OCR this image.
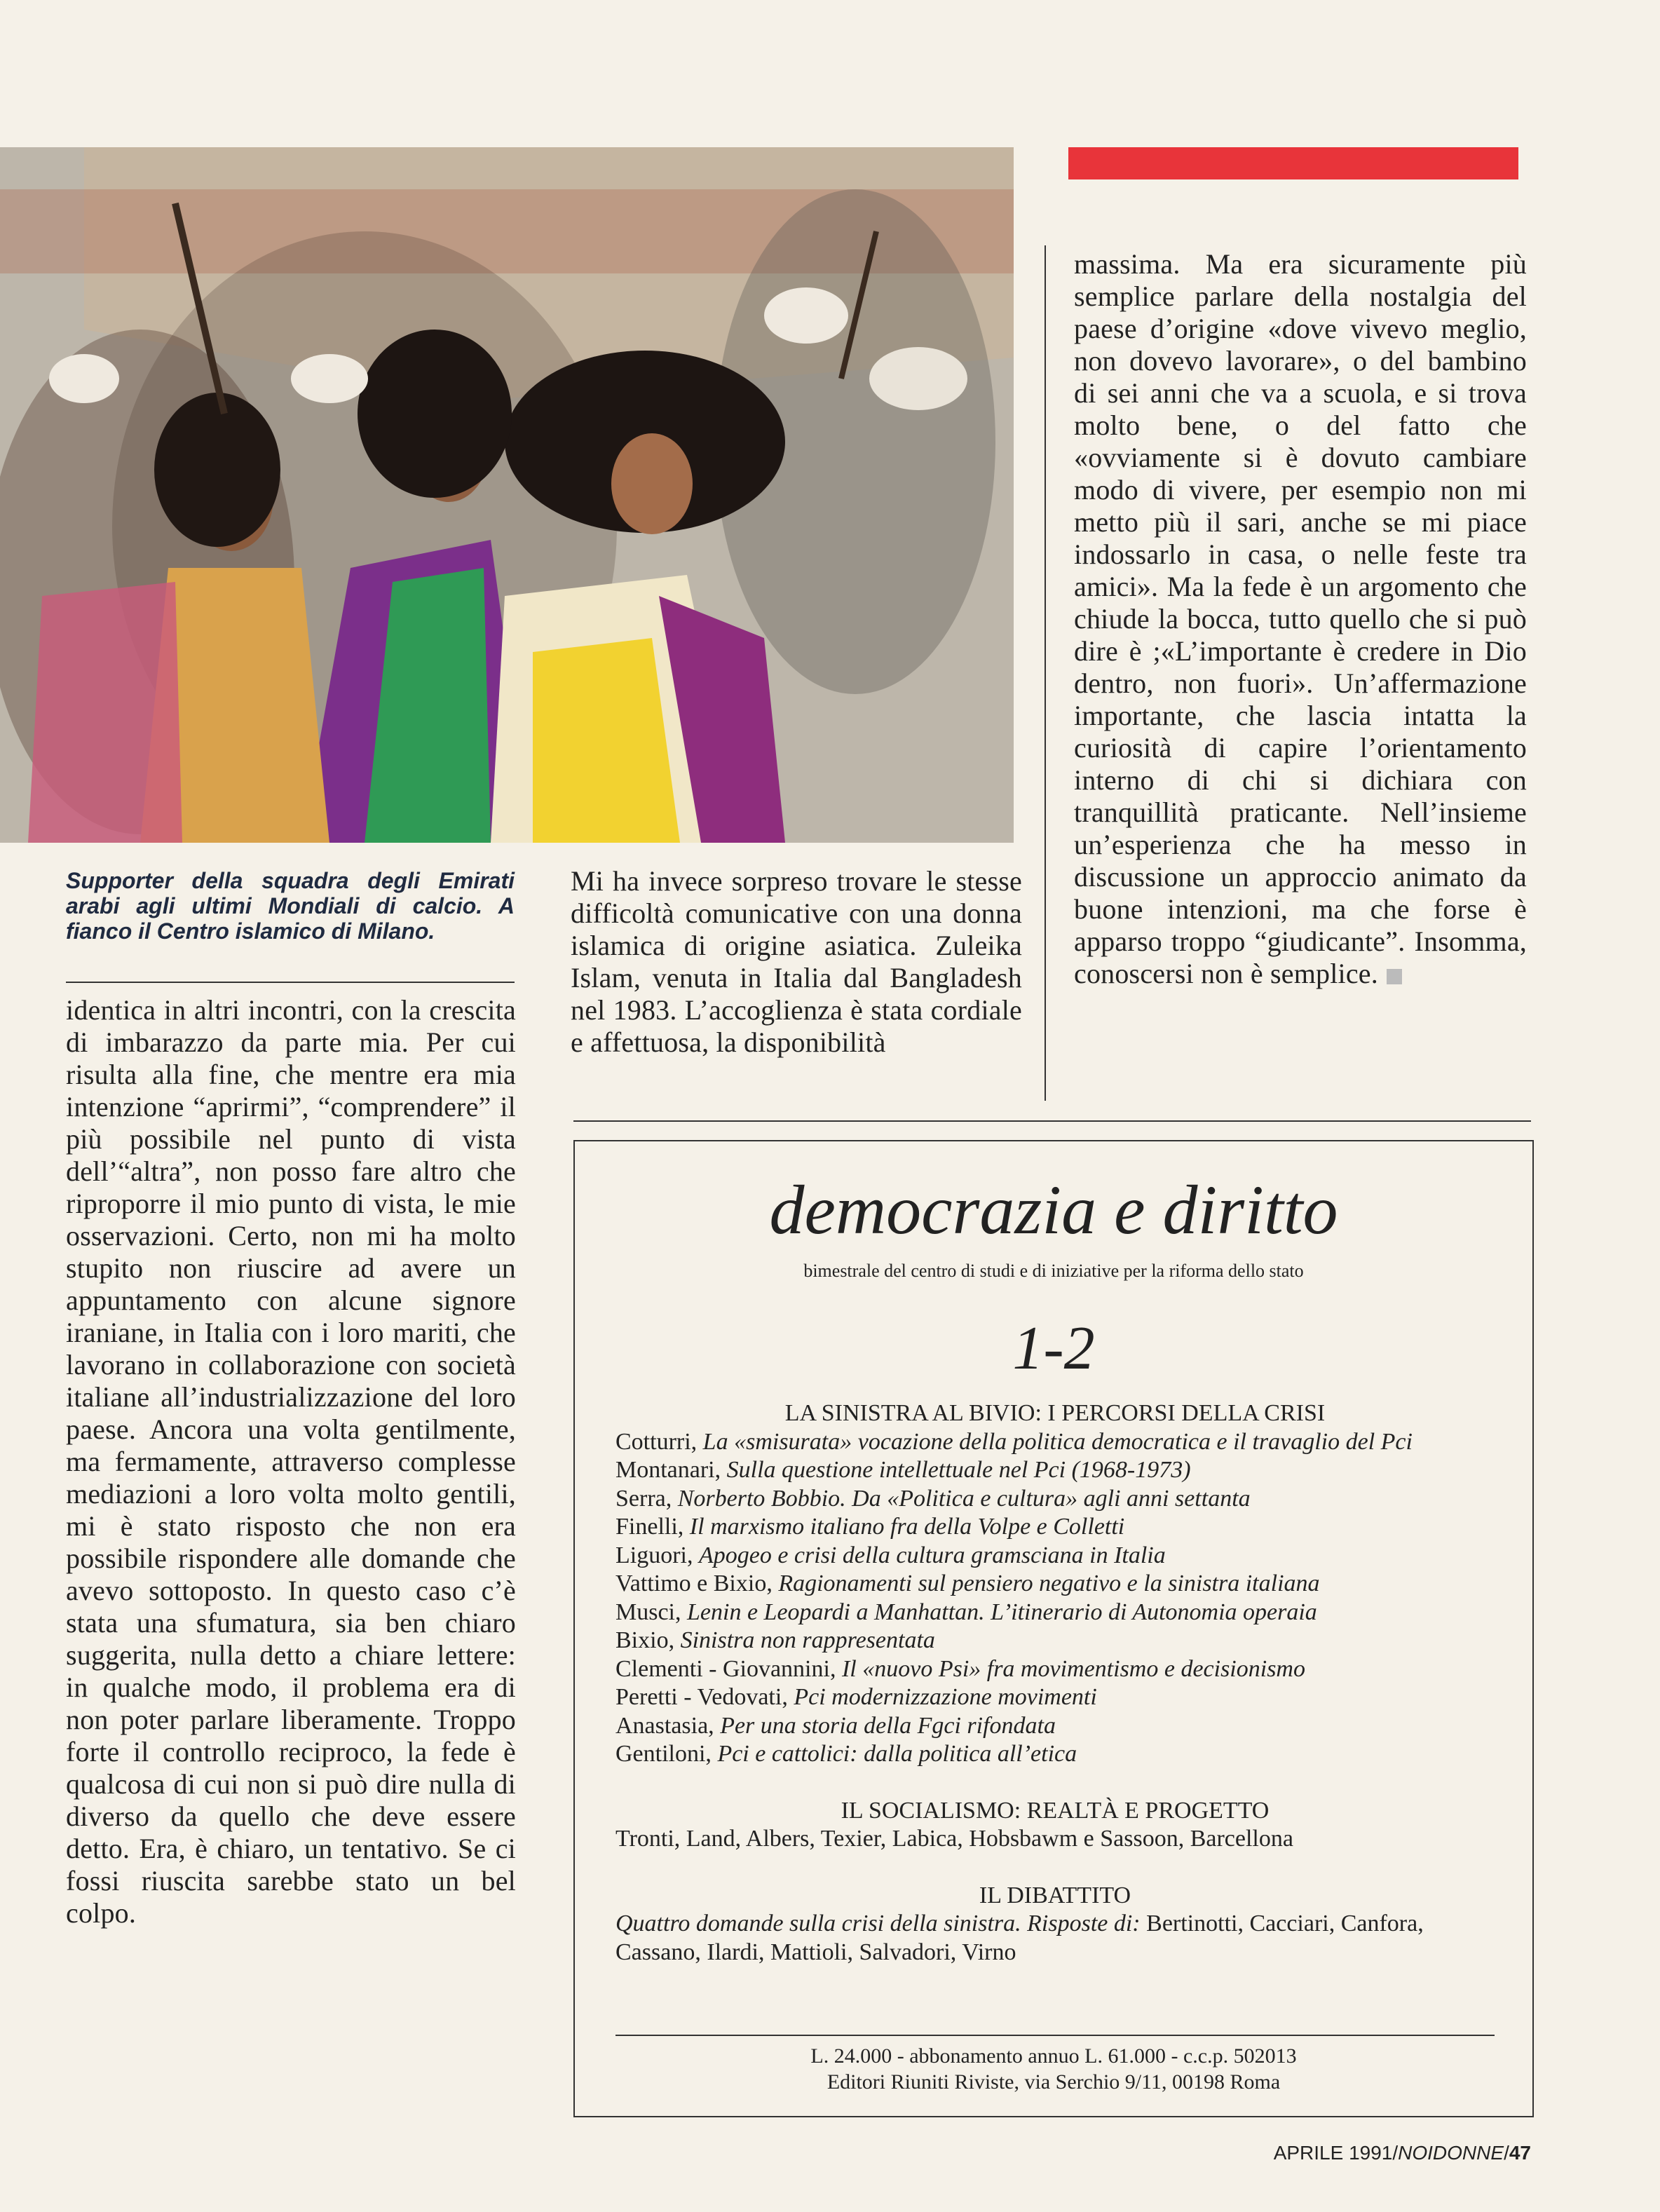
Supporter della squadra degli Emirati arabi agli ultimi Mondiali di calcio. A fianco il Centro islamico di Milano.

identica in altri incontri, con la crescita di imbarazzo da parte mia. Per cui risulta alla fine, che mentre era mia intenzione “aprirmi”, “comprendere” il più possibile nel punto di vista dell’“altra”, non posso fare altro che riproporre il mio punto di vista, le mie osservazioni. Certo, non mi ha molto stupito non riuscire ad avere un appuntamento con alcune signore iraniane, in Italia con i loro mariti, che lavorano in collaborazione con società italiane all’industrializzazione del loro paese. Ancora una volta gentilmente, ma fermamente, attraverso complesse mediazioni a loro volta molto gentili, mi è stato risposto che non era possibile rispondere alle domande che avevo sottoposto. In questo caso c’è stata una sfumatura, sia ben chiaro suggerita, nulla detto a chiare lettere: in qualche modo, il problema era di non poter parlare liberamente. Troppo forte il controllo reciproco, la fede è qualcosa di cui non si può dire nulla di diverso da quello che deve essere detto. Era, è chiaro, un tentativo. Se ci fossi riuscita sarebbe stato un bel colpo.

Mi ha invece sorpreso trovare le stesse difficoltà comunicative con una donna islamica di origine asiatica. Zuleika Islam, venuta in Italia dal Bangladesh nel 1983. L’accoglienza è stata cordiale e affettuosa, la disponibilità

massima. Ma era sicuramente più semplice parlare della nostalgia del paese d’origine «dove vivevo meglio, non dovevo lavorare», o del bambino di sei anni che va a scuola, e si trova molto bene, o del fatto che «ovviamente si è dovuto cambiare modo di vivere, per esempio non mi metto più il sari, anche se mi piace indossarlo in casa, o nelle feste tra amici». Ma la fede è un argomento che chiude la bocca, tutto quello che si può dire è ;«L’importante è credere in Dio dentro, non fuori». Un’affermazione importante, che lascia intatta la curiosità di capire l’orientamento interno di chi si dichiara con tranquillità praticante. Nell’insieme un’esperienza che ha messo in discussione un approccio animato da buone intenzioni, ma che forse è apparso troppo “giudicante”. Insomma, conoscersi non è semplice.

democrazia e diritto
bimestrale del centro di studi e di iniziative per la riforma dello stato
1-2
LA SINISTRA AL BIVIO: I PERCORSI DELLA CRISI
Cotturri, La «smisurata» vocazione della politica democratica e il travaglio del Pci
Montanari, Sulla questione intellettuale nel Pci (1968-1973)
Serra, Norberto Bobbio. Da «Politica e cultura» agli anni settanta
Finelli, Il marxismo italiano fra della Volpe e Colletti
Liguori, Apogeo e crisi della cultura gramsciana in Italia
Vattimo e Bixio, Ragionamenti sul pensiero negativo e la sinistra italiana
Musci, Lenin e Leopardi a Manhattan. L’itinerario di Autonomia operaia
Bixio, Sinistra non rappresentata
Clementi - Giovannini, Il «nuovo Psi» fra movimentismo e decisionismo
Peretti - Vedovati, Pci modernizzazione movimenti
Anastasia, Per una storia della Fgci rifondata
Gentiloni, Pci e cattolici: dalla politica all’etica
IL SOCIALISMO: REALTÀ E PROGETTO
Tronti, Land, Albers, Texier, Labica, Hobsbawm e Sassoon, Barcellona
IL DIBATTITO
Quattro domande sulla crisi della sinistra. Risposte di: Bertinotti, Cacciari, Canfora, Cassano, Ilardi, Mattioli, Salvadori, Virno
L. 24.000 - abbonamento annuo L. 61.000 - c.c.p. 502013
Editori Riuniti Riviste, via Serchio 9/11, 00198 Roma
APRILE 1991/NOIDONNE/47
